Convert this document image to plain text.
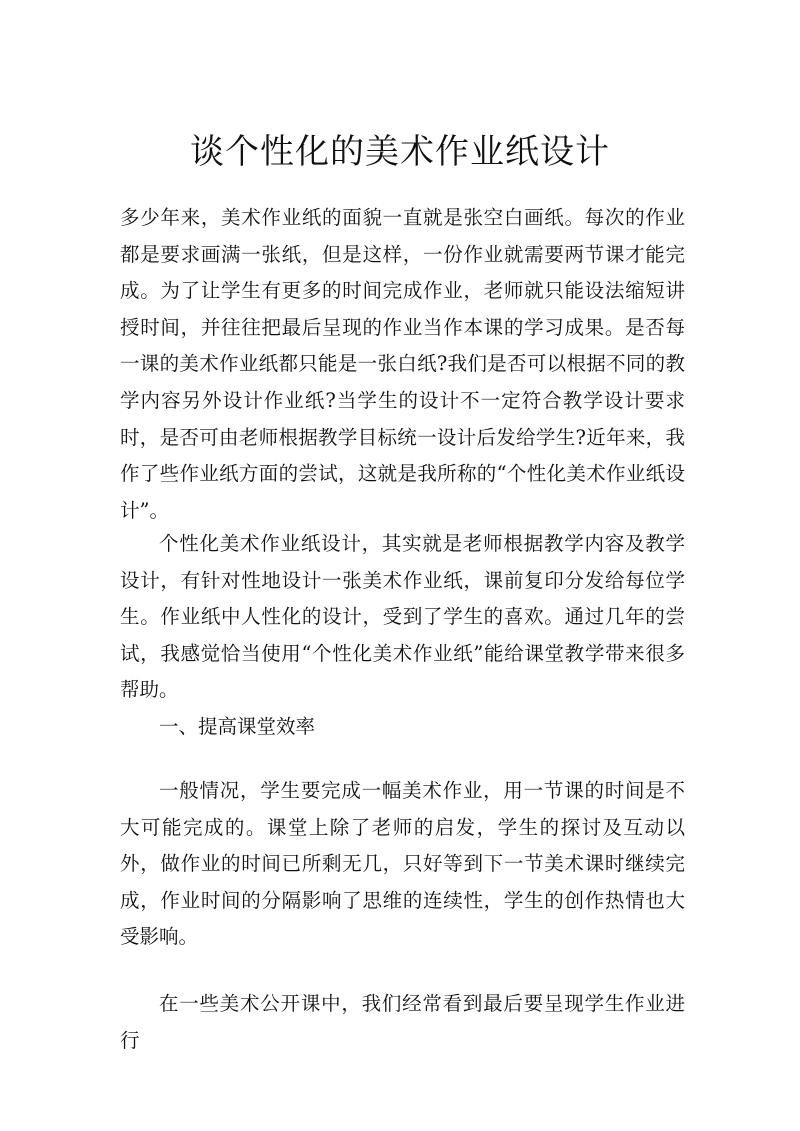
谈个性化的美术作业纸设计

多少年来，美术作业纸的面貌一直就是张空白画纸。每次的作业都是要求画满一张纸，但是这样，一份作业就需要两节课才能完成。为了让学生有更多的时间完成作业，老师就只能设法缩短讲授时间，并往往把最后呈现的作业当作本课的学习成果。是否每一课的美术作业纸都只能是一张白纸?我们是否可以根据不同的教学内容另外设计作业纸?当学生的设计不一定符合教学设计要求时，是否可由老师根据教学目标统一设计后发给学生?近年来，我作了些作业纸方面的尝试，这就是我所称的“个性化美术作业纸设计”。

个性化美术作业纸设计，其实就是老师根据教学内容及教学设计，有针对性地设计一张美术作业纸，课前复印分发给每位学生。作业纸中人性化的设计，受到了学生的喜欢。通过几年的尝试，我感觉恰当使用“个性化美术作业纸”能给课堂教学带来很多帮助。

一、提高课堂效率

一般情况，学生要完成一幅美术作业，用一节课的时间是不大可能完成的。课堂上除了老师的启发，学生的探讨及互动以外，做作业的时间已所剩无几，只好等到下一节美术课时继续完成，作业时间的分隔影响了思维的连续性，学生的创作热情也大受影响。

在一些美术公开课中，我们经常看到最后要呈现学生作业进行
